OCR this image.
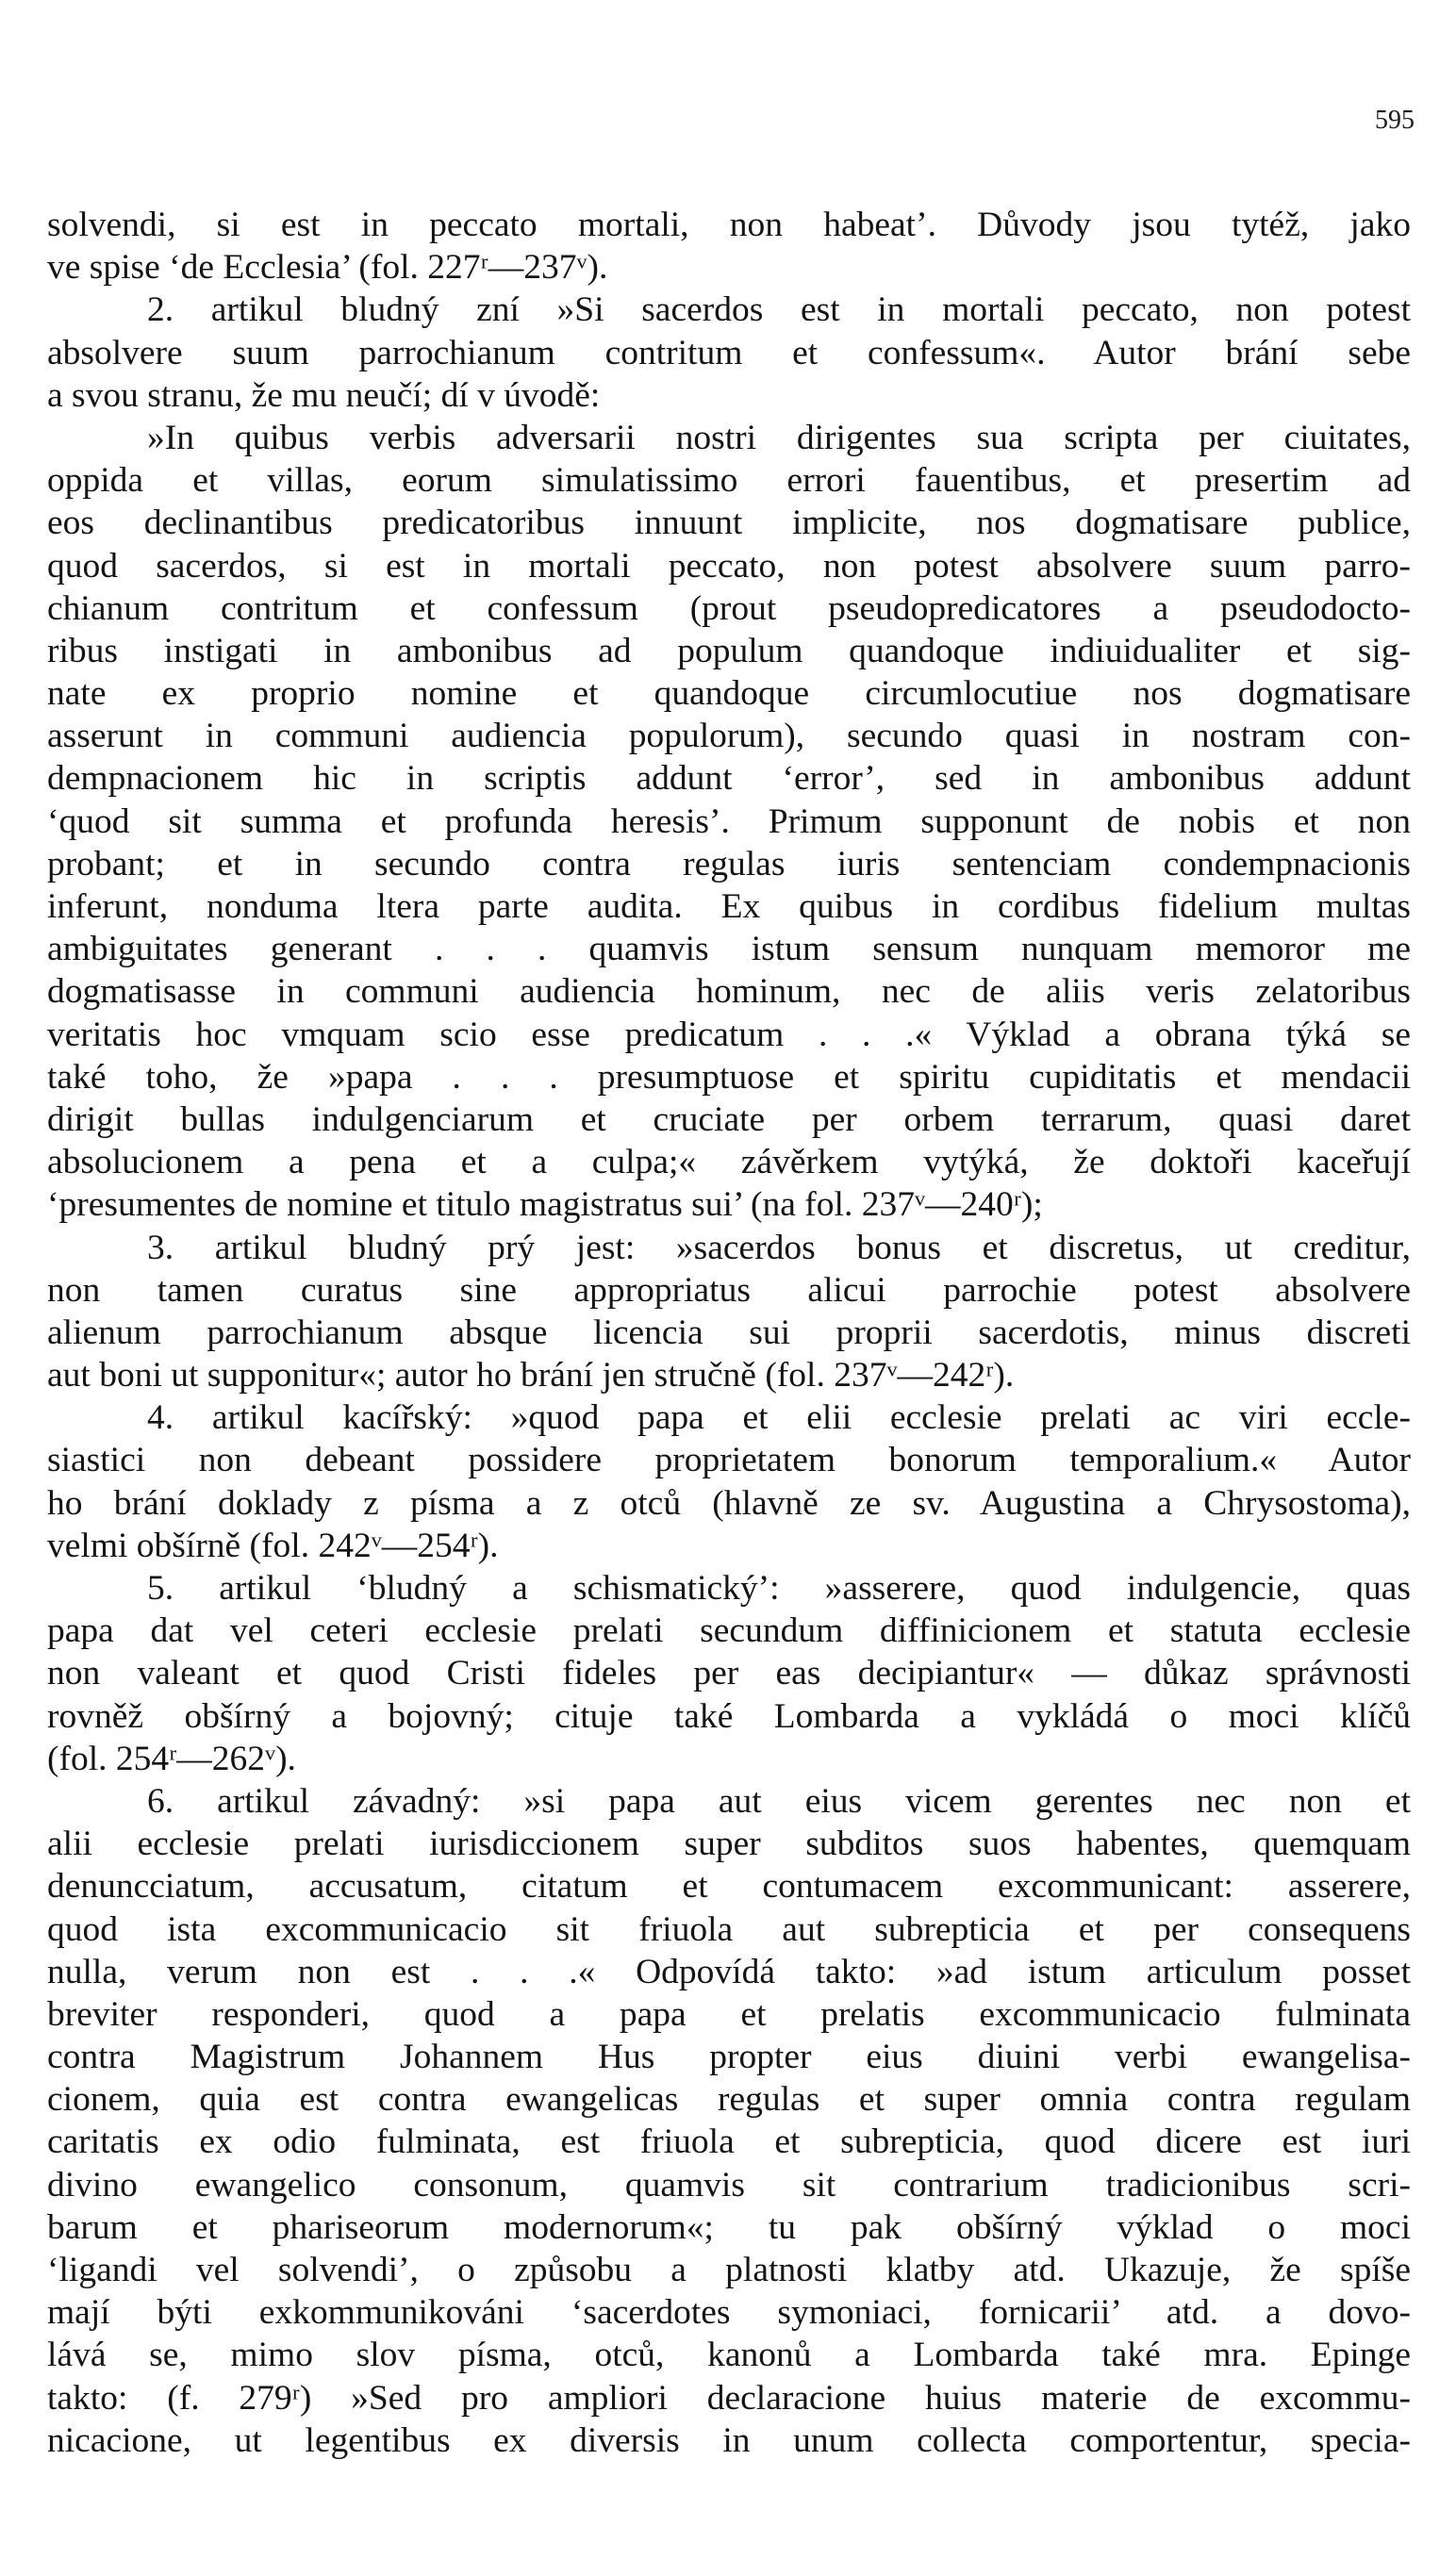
595
solvendi, si est in peccato mortali, non habeat’. Důvody jsou tytéž, jako
ve spise ‘de Ecclesia’ (fol. 227ʳ—237ᵛ).
2. artikul bludný zní »Si sacerdos est in mortali peccato, non potest
absolvere suum parrochianum contritum et confessum«. Autor brání sebe
a svou stranu, že mu neučí; dí v úvodě:
»In quibus verbis adversarii nostri dirigentes sua scripta per ciuitates,
oppida et villas, eorum simulatissimo errori fauentibus, et presertim ad
eos declinantibus predicatoribus innuunt implicite, nos dogmatisare publice,
quod sacerdos, si est in mortali peccato, non potest absolvere suum parro-
chianum contritum et confessum (prout pseudopredicatores a pseudodocto-
ribus instigati in ambonibus ad populum quandoque indiuidualiter et sig-
nate ex proprio nomine et quandoque circumlocutiue nos dogmatisare
asserunt in communi audiencia populorum), secundo quasi in nostram con-
dempnacionem hic in scriptis addunt ‘error’, sed in ambonibus addunt
‘quod sit summa et profunda heresis’. Primum supponunt de nobis et non
probant; et in secundo contra regulas iuris sentenciam condempnacionis
inferunt, nonduma ltera parte audita. Ex quibus in cordibus fidelium multas
ambiguitates generant . . . quamvis istum sensum nunquam memoror me
dogmatisasse in communi audiencia hominum, nec de aliis veris zelatoribus
veritatis hoc vmquam scio esse predicatum . . .« Výklad a obrana týká se
také toho, že »papa . . . presumptuose et spiritu cupiditatis et mendacii
dirigit bullas indulgenciarum et cruciate per orbem terrarum, quasi daret
absolucionem a pena et a culpa;« závěrkem vytýká, že doktoři kaceřují
‘presumentes de nomine et titulo magistratus sui’ (na fol. 237ᵛ—240ʳ);
3. artikul bludný prý jest: »sacerdos bonus et discretus, ut creditur,
non tamen curatus sine appropriatus alicui parrochie potest absolvere
alienum parrochianum absque licencia sui proprii sacerdotis, minus discreti
aut boni ut supponitur«; autor ho brání jen stručně (fol. 237ᵛ—242ʳ).
4. artikul kacířský: »quod papa et elii ecclesie prelati ac viri eccle-
siastici non debeant possidere proprietatem bonorum temporalium.« Autor
ho brání doklady z písma a z otců (hlavně ze sv. Augustina a Chrysostoma),
velmi obšírně (fol. 242ᵛ—254ʳ).
5. artikul ‘bludný a schismatický’: »asserere, quod indulgencie, quas
papa dat vel ceteri ecclesie prelati secundum diffinicionem et statuta ecclesie
non valeant et quod Cristi fideles per eas decipiantur« — důkaz správnosti
rovněž obšírný a bojovný; cituje také Lombarda a vykládá o moci klíčů
(fol. 254ʳ—262ᵛ).
6. artikul závadný: »si papa aut eius vicem gerentes nec non et
alii ecclesie prelati iurisdiccionem super subditos suos habentes, quemquam
denuncciatum, accusatum, citatum et contumacem excommunicant: asserere,
quod ista excommunicacio sit friuola aut subrepticia et per consequens
nulla, verum non est . . .« Odpovídá takto: »ad istum articulum posset
breviter responderi, quod a papa et prelatis excommunicacio fulminata
contra Magistrum Johannem Hus propter eius diuini verbi ewangelisa-
cionem, quia est contra ewangelicas regulas et super omnia contra regulam
caritatis ex odio fulminata, est friuola et subrepticia, quod dicere est iuri
divino ewangelico consonum, quamvis sit contrarium tradicionibus scri-
barum et phariseorum modernorum«; tu pak obšírný výklad o moci
‘ligandi vel solvendi’, o způsobu a platnosti klatby atd. Ukazuje, že spíše
mají býti exkommunikováni ‘sacerdotes symoniaci, fornicarii’ atd. a dovo-
lává se, mimo slov písma, otců, kanonů a Lombarda také mra. Epinge
takto: (f. 279ʳ) »Sed pro ampliori declaracione huius materie de excommu-
nicacione, ut legentibus ex diversis in unum collecta comportentur, specia-
